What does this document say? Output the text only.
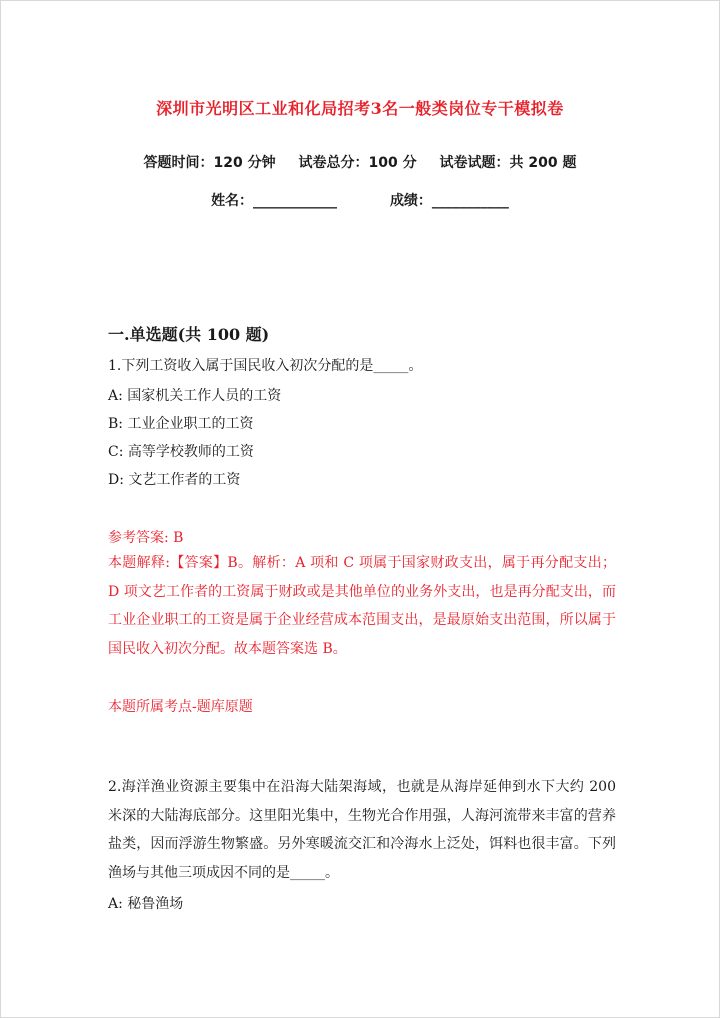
深圳市光明区工业和化局招考3名一般类岗位专干模拟卷
答题时间：120 分钟 试卷总分：100 分 试卷试题：共 200 题
姓名：____________	成绩：___________
一.单选题(共 100 题)
1.下列工资收入属于国民收入初次分配的是_____。
A: 国家机关工作人员的工资
B: 工业企业职工的工资
C: 高等学校教师的工资
D: 文艺工作者的工资
参考答案: B
本题解释:【答案】B。解析：A 项和 C 项属于国家财政支出，属于再分配支出；D 项文艺工作者的工资属于财政或是其他单位的业务外支出，也是再分配支出，而工业企业职工的工资是属于企业经营成本范围支出，是最原始支出范围，所以属于国民收入初次分配。故本题答案选 B。
本题所属考点-题库原题
2.海洋渔业资源主要集中在沿海大陆架海域，也就是从海岸延伸到水下大约 200 米深的大陆海底部分。这里阳光集中，生物光合作用强，人海河流带来丰富的营养盐类，因而浮游生物繁盛。另外寒暖流交汇和冷海水上泛处，饵料也很丰富。下列渔场与其他三项成因不同的是_____。
A: 秘鲁渔场
